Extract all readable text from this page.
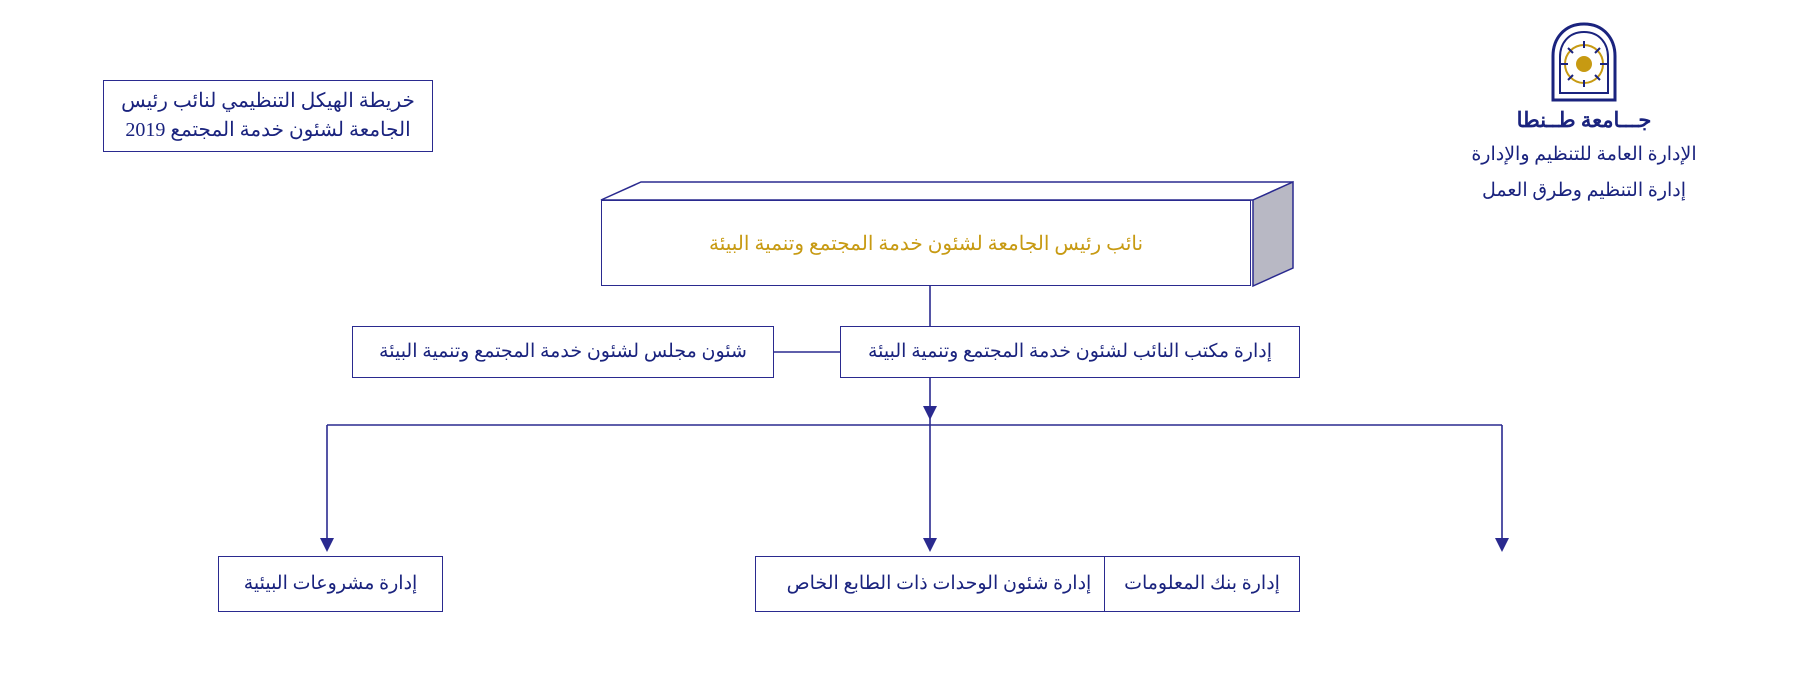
خريطة الهيكل التنظيمي لنائب رئيس
الجامعة لشئون خدمة المجتمع 2019	جـــامعة طــنطا
الإدارة العامة للتنظيم والإدارة
إدارة التنظيم وطرق العمل
نائب رئيس الجامعة لشئون خدمة المجتمع وتنمية البيئة
شئون مجلس لشئون خدمة المجتمع وتنمية البيئة	إدارة مكتب النائب لشئون خدمة المجتمع وتنمية البيئة
إدارة مشروعات البيئية	إدارة شئون الوحدات ذات الطابع الخاص إدارة بنك المعلومات
